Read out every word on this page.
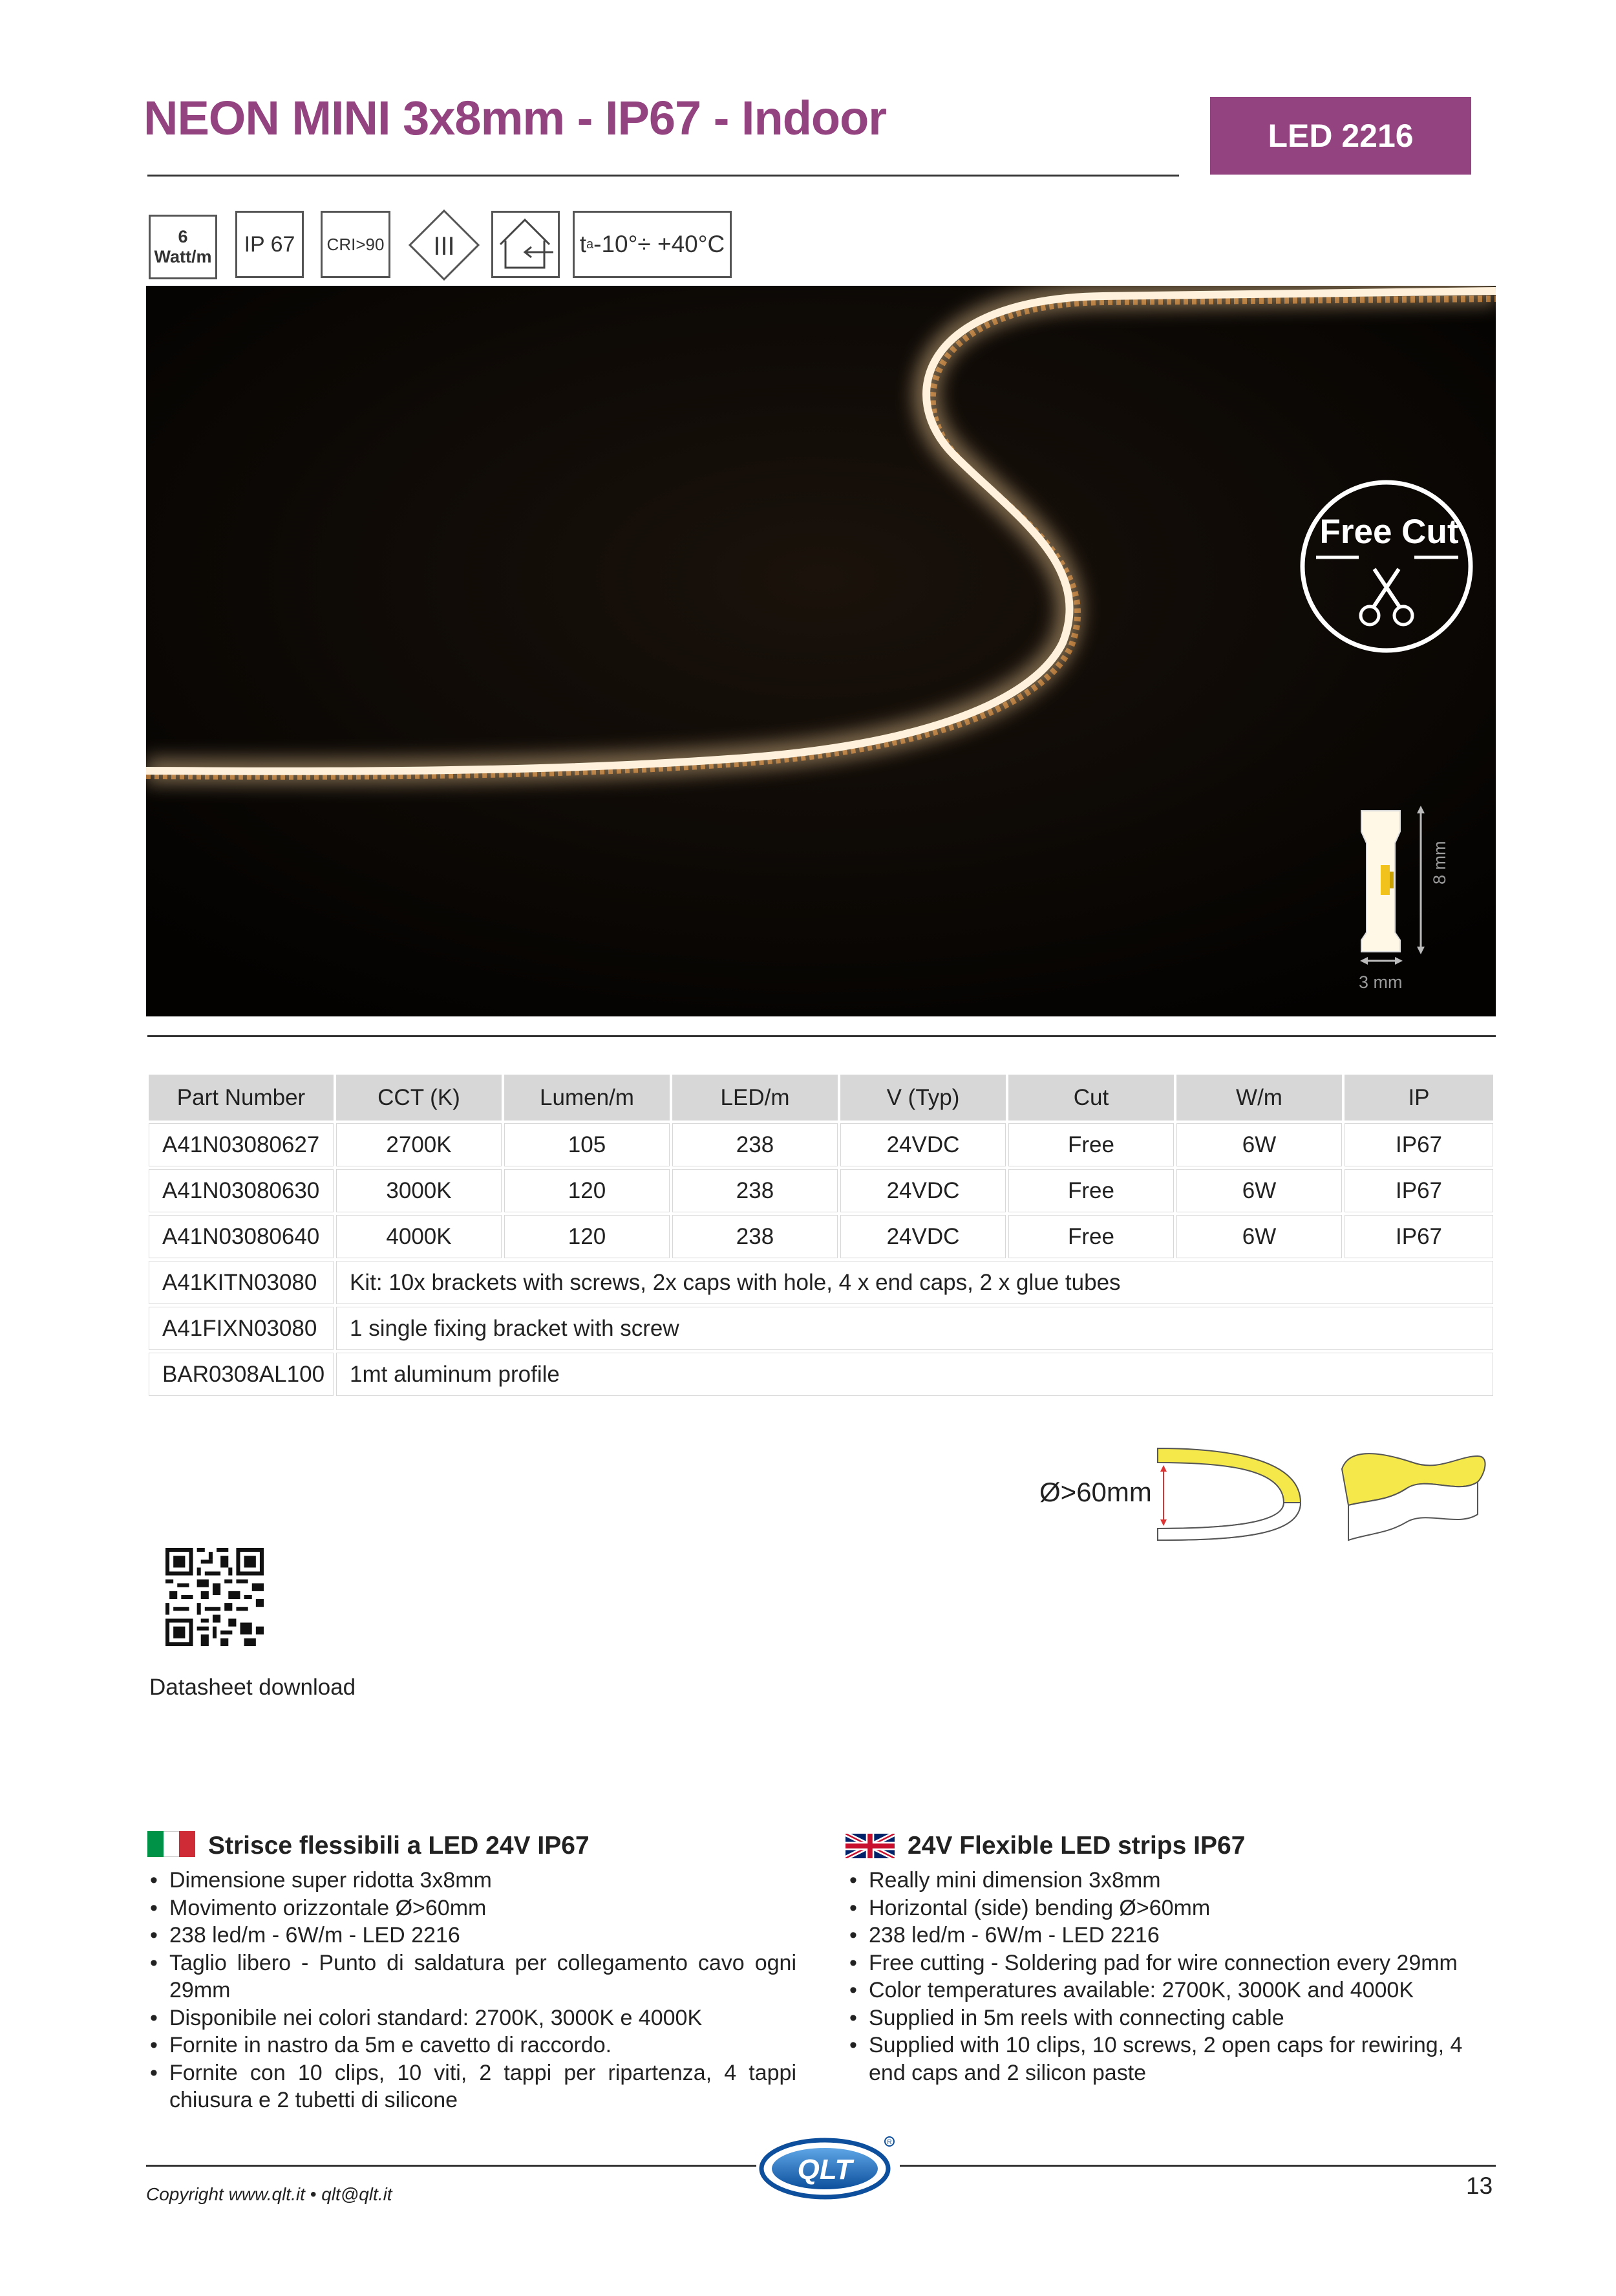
NEON MINI 3x8mm - IP67 - Indoor	LED 2216
6
Watt/m
IP 67	CRI>90 III	t a -10°÷ +40°C
Free Cut
3 mm
8 mm
Part Number	CCT (K)	Lumen/m	LED/m	V (Typ)	Cut	W/m	IP
A41N03080627	2700K	105	238	24VDC	Free	6W	IP67
A41N03080630	3000K	120	238	24VDC	Free	6W	IP67
A41N03080640	4000K	120	238	24VDC	Free	6W	IP67
A41KITN03080	Kit: 10x brackets with screws, 2x caps with hole, 4 x end caps, 2 x glue tubes						
A41FIXN03080	1 single fixing bracket with screw						
BAR0308AL100	1mt aluminum profile						
Ø>60mm
Datasheet download
Strisce flessibili a LED 24V IP67
• Dimensione super ridotta 3x8mm
• Movimento orizzontale Ø>60mm
• 238 led/m - 6W/m - LED 2216
• Taglio libero - Punto di saldatura per collegamento cavo ogni 29mm
• Disponibile nei colori standard: 2700K, 3000K e 4000K
• Fornite in nastro da 5m e cavetto di raccordo.
• Fornite con 10 clips, 10 viti, 2 tappi per ripartenza, 4 tappi chiusura e 2 tubetti di silicone
24V Flexible LED strips IP67
• Really mini dimension 3x8mm
• Horizontal (side) bending Ø>60mm
• 238 led/m - 6W/m - LED 2216
• Free cutting - Soldering pad for wire connection every 29mm
• Color temperatures available: 2700K, 3000K and 4000K
• Supplied in 5m reels with connecting cable
• Supplied with 10 clips, 10 screws, 2 open caps for rewiring, 4 end caps and 2 silicon paste
QLT
R
Copyright www.qlt.it • qlt@qlt.it	13
